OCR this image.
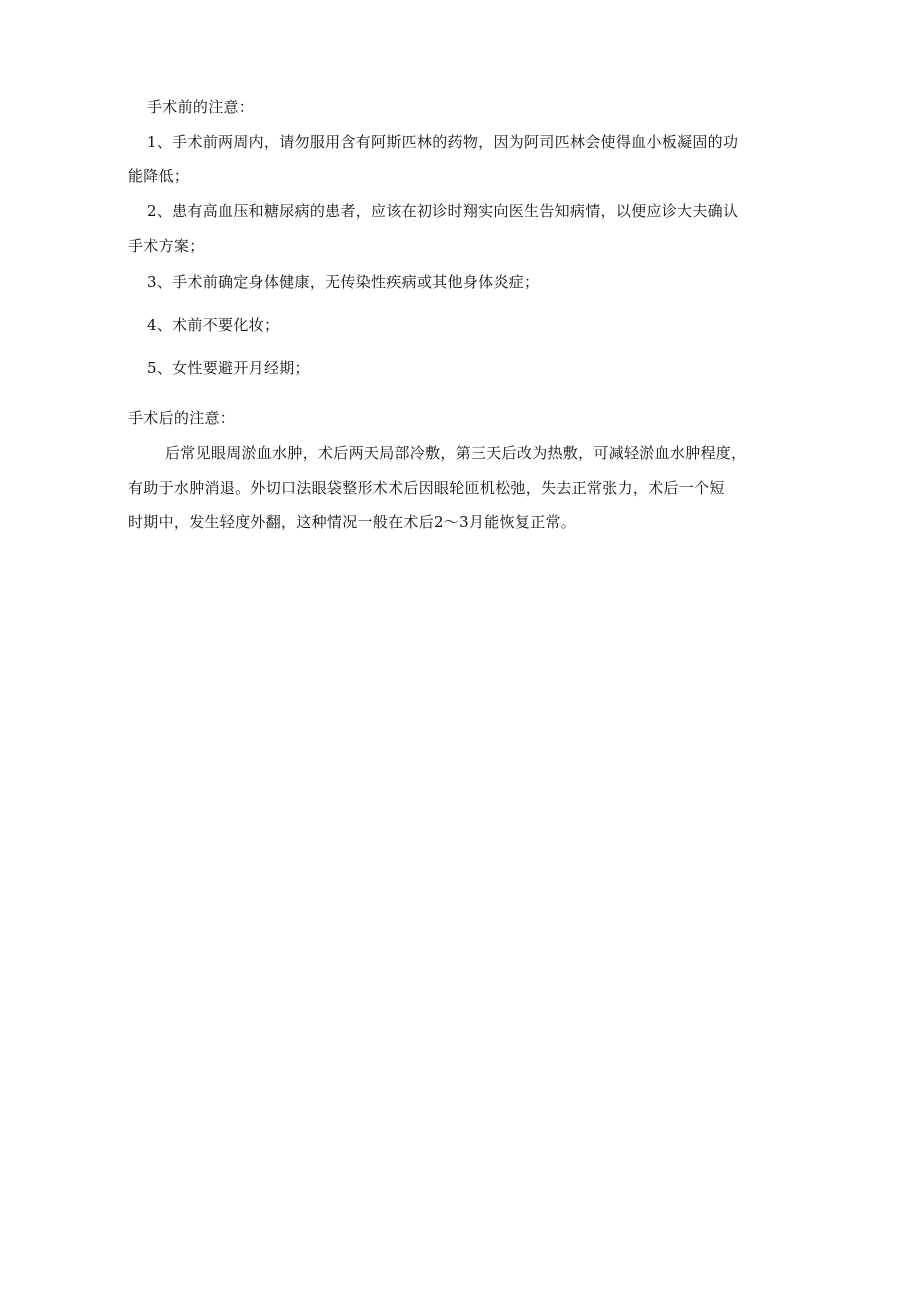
手术前的注意：
1、手术前两周内，请勿服用含有阿斯匹林的药物，因为阿司匹林会使得血小板凝固的功
能降低；
2、患有高血压和糖尿病的患者，应该在初诊时翔实向医生告知病情，以便应诊大夫确认
手术方案；
3、手术前确定身体健康，无传染性疾病或其他身体炎症；
4、术前不要化妆；
5、女性要避开月经期；
手术后的注意：
后常见眼周淤血水肿，术后两天局部冷敷，第三天后改为热敷，可减轻淤血水肿程度，
有助于水肿消退。外切口法眼袋整形术术后因眼轮匝机松弛，失去正常张力，术后一个短
时期中，发生轻度外翻，这种情况一般在术后2～3月能恢复正常。
